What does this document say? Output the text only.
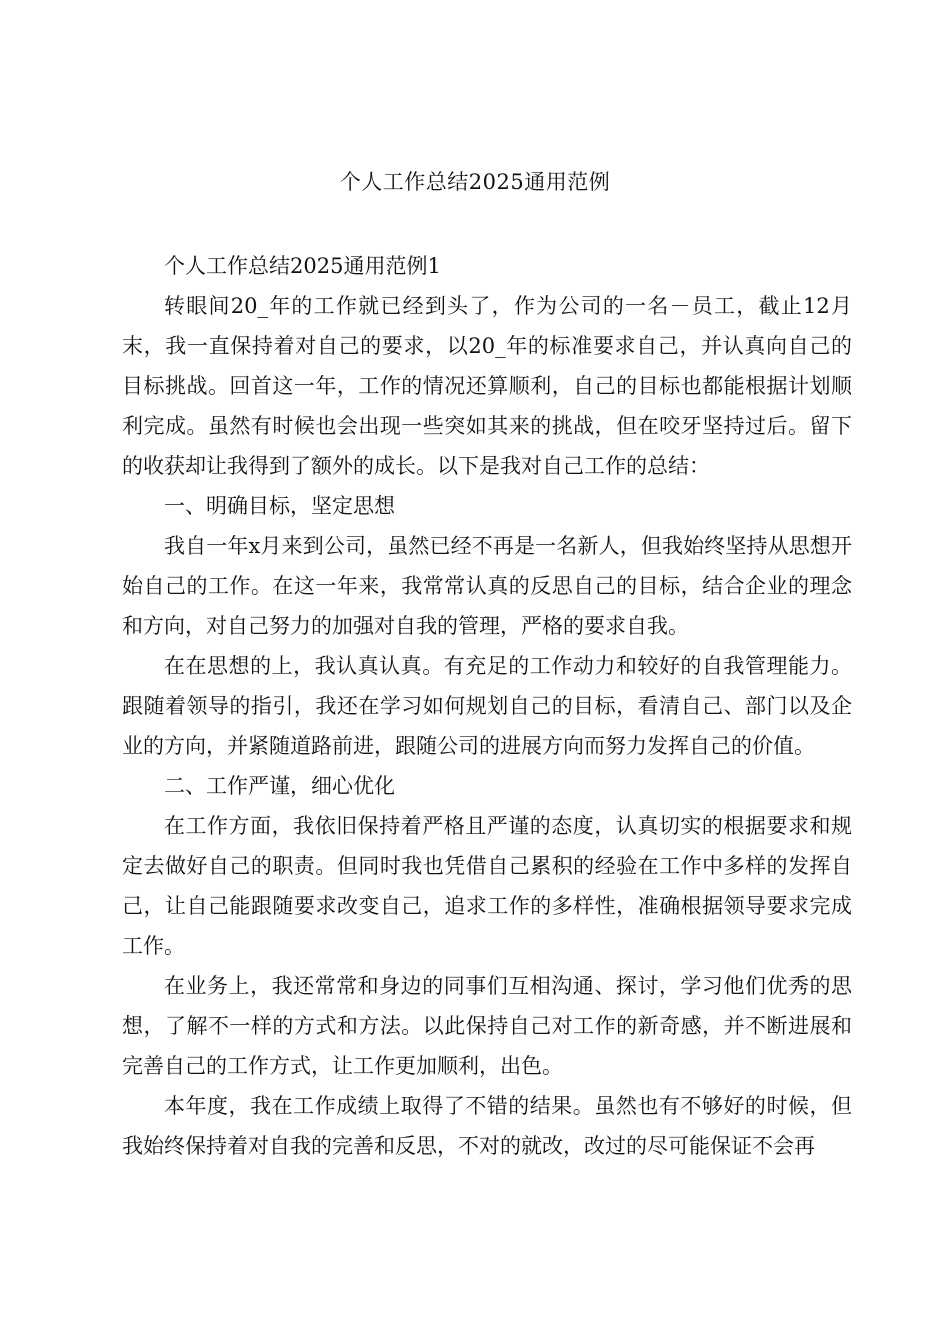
个人工作总结2025通用范例

个人工作总结2025通用范例1

转眼间20_年的工作就已经到头了，作为公司的一名－员工，截止12月末，我一直保持着对自己的要求，以20_年的标准要求自己，并认真向自己的目标挑战。回首这一年，工作的情况还算顺利，自己的目标也都能根据计划顺利完成。虽然有时候也会出现一些突如其来的挑战，但在咬牙坚持过后。留下的收获却让我得到了额外的成长。以下是我对自己工作的总结：

一、明确目标，坚定思想

我自一年x月来到公司，虽然已经不再是一名新人，但我始终坚持从思想开始自己的工作。在这一年来，我常常认真的反思自己的目标，结合企业的理念和方向，对自己努力的加强对自我的管理，严格的要求自我。

在在思想的上，我认真认真。有充足的工作动力和较好的自我管理能力。跟随着领导的指引，我还在学习如何规划自己的目标，看清自己、部门以及企业的方向，并紧随道路前进，跟随公司的进展方向而努力发挥自己的价值。

二、工作严谨，细心优化

在工作方面，我依旧保持着严格且严谨的态度，认真切实的根据要求和规定去做好自己的职责。但同时我也凭借自己累积的经验在工作中多样的发挥自己，让自己能跟随要求改变自己，追求工作的多样性，准确根据领导要求完成工作。

在业务上，我还常常和身边的同事们互相沟通、探讨，学习他们优秀的思想，了解不一样的方式和方法。以此保持自己对工作的新奇感，并不断进展和完善自己的工作方式，让工作更加顺利，出色。

本年度，我在工作成绩上取得了不错的结果。虽然也有不够好的时候，但我始终保持着对自我的完善和反思，不对的就改，改过的尽可能保证不会再
